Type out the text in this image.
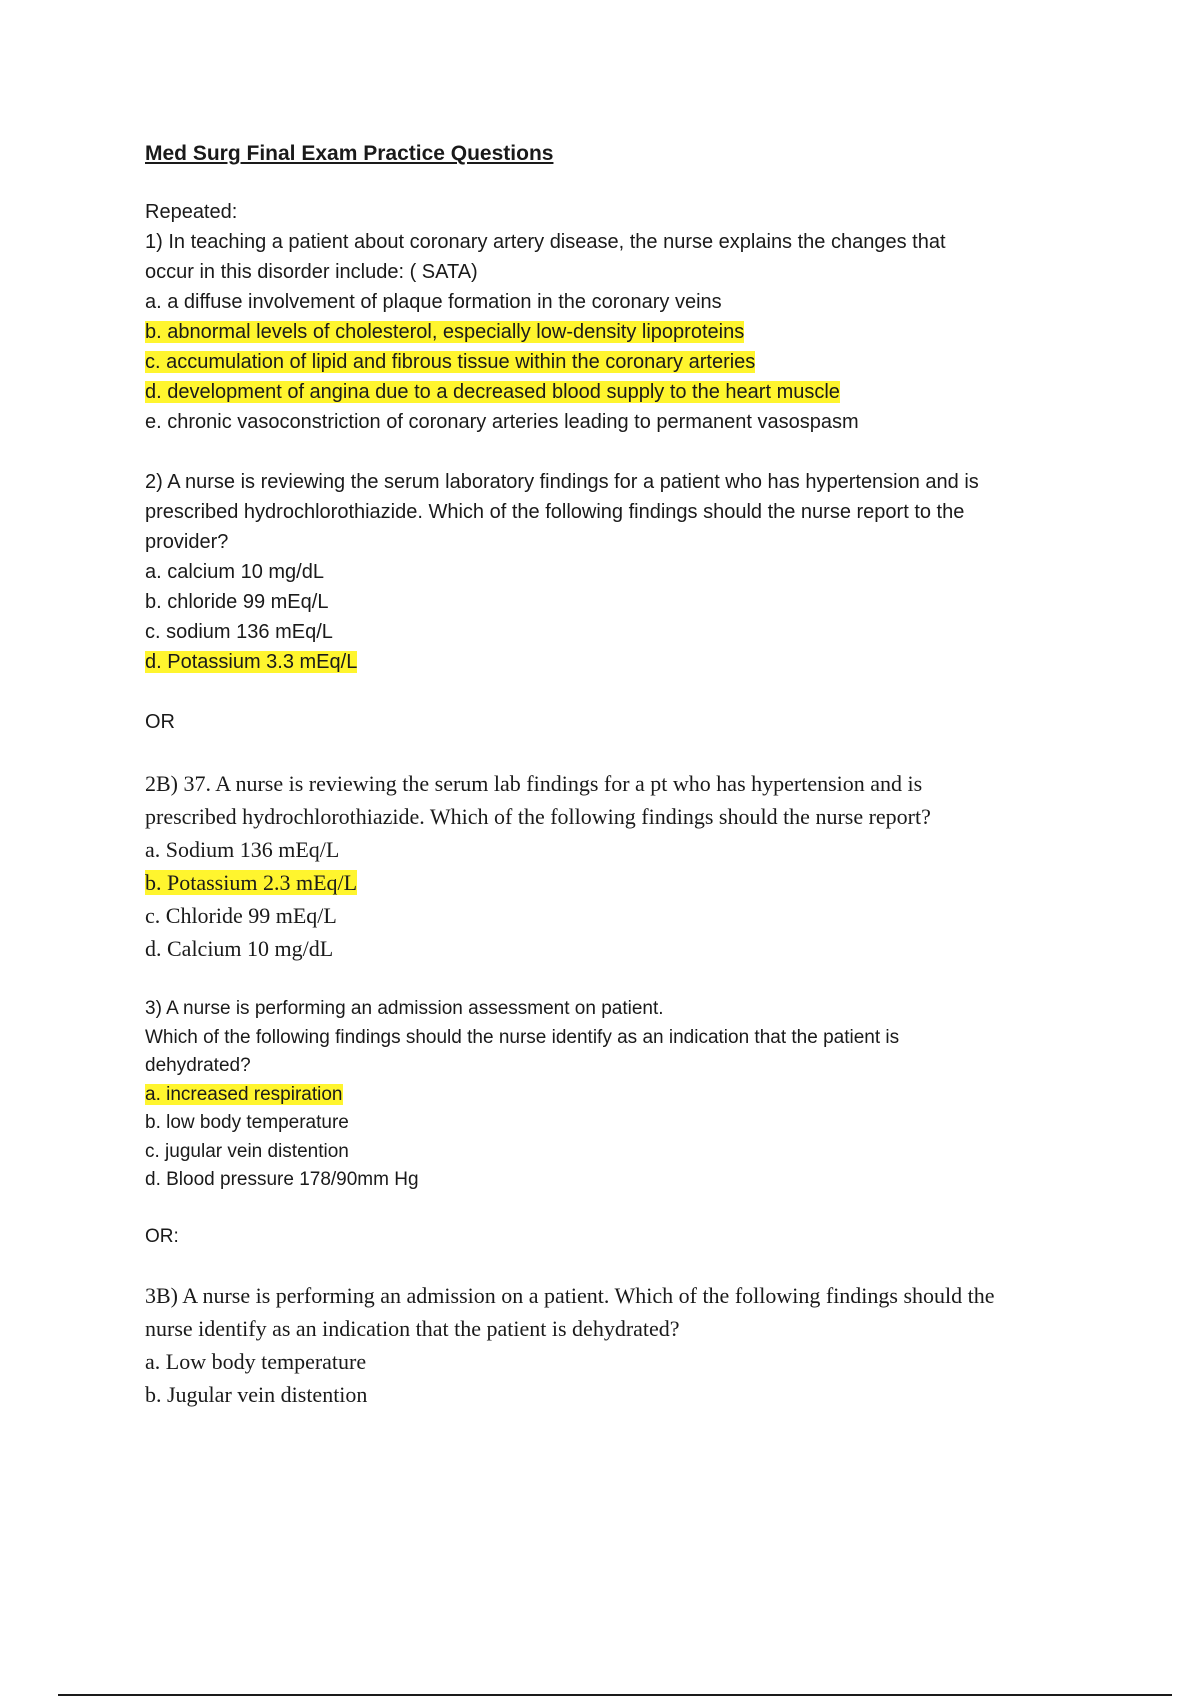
Med Surg Final Exam Practice Questions
Repeated:
1) In teaching a patient about coronary artery disease, the nurse explains the changes that
occur in this disorder include: ( SATA)
a. a diffuse involvement of plaque formation in the coronary veins
b. abnormal levels of cholesterol, especially low-density lipoproteins
c. accumulation of lipid and fibrous tissue within the coronary arteries
d. development of angina due to a decreased blood supply to the heart muscle
e. chronic vasoconstriction of coronary arteries leading to permanent vasospasm
2) A nurse is reviewing the serum laboratory findings for a patient who has hypertension and is
prescribed hydrochlorothiazide. Which of the following findings should the nurse report to the
provider?
a. calcium 10 mg/dL
b. chloride 99 mEq/L
c. sodium 136 mEq/L
d. Potassium 3.3 mEq/L
OR
2B) 37. A nurse is reviewing the serum lab findings for a pt who has hypertension and is
prescribed hydrochlorothiazide. Which of the following findings should the nurse report?
a. Sodium 136 mEq/L
b. Potassium 2.3 mEq/L
c. Chloride 99 mEq/L
d. Calcium 10 mg/dL
3) A nurse is performing an admission assessment on patient.
Which of the following findings should the nurse identify as an indication that the patient is
dehydrated?
a. increased respiration
b. low body temperature
c. jugular vein distention
d. Blood pressure 178/90mm Hg
OR:
3B) A nurse is performing an admission on a patient. Which of the following findings should the
nurse identify as an indication that the patient is dehydrated?
a. Low body temperature
b. Jugular vein distention
